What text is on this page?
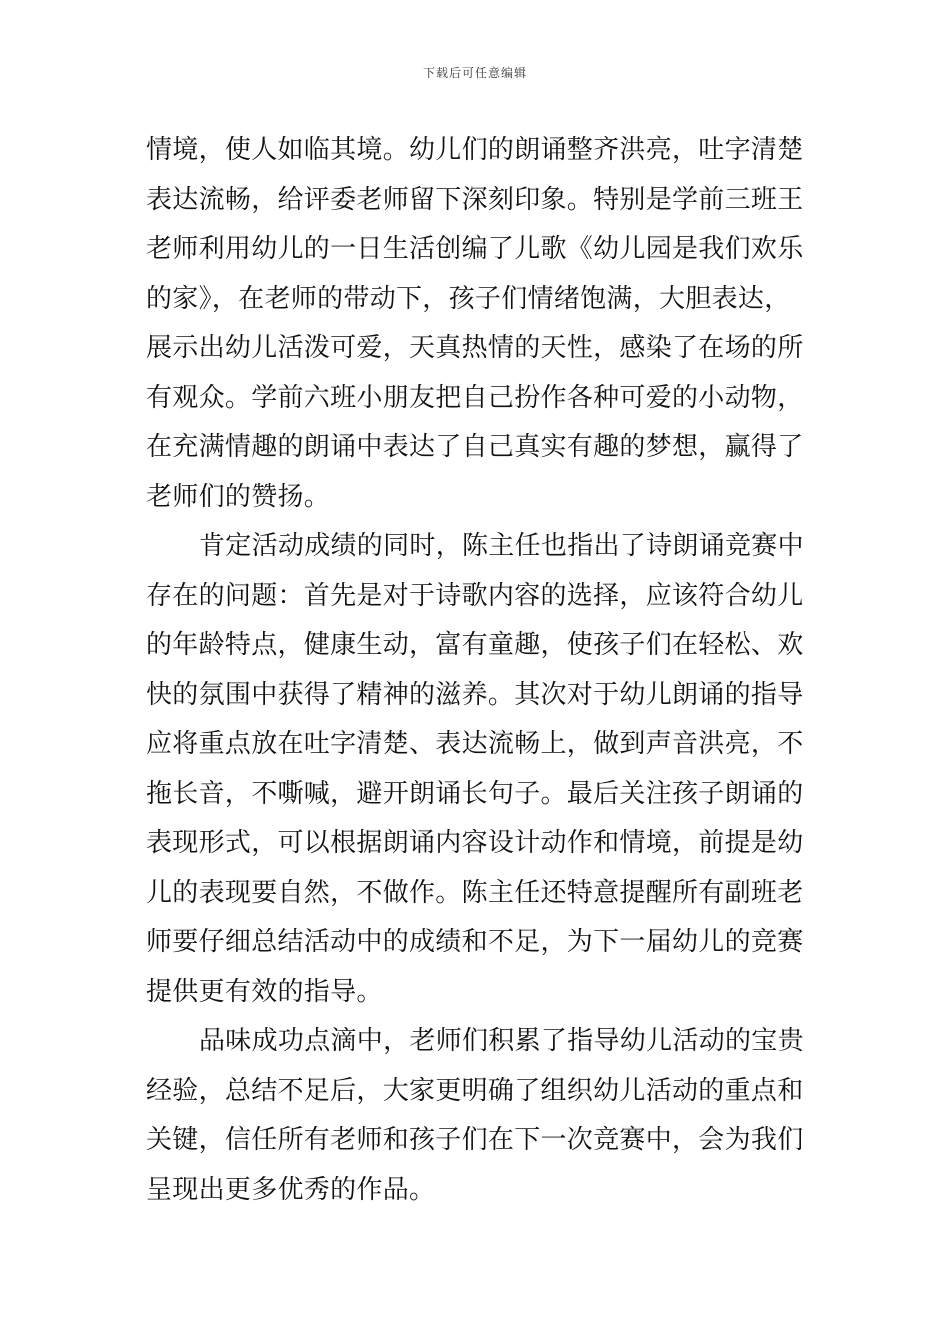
下载后可任意编辑
情境，使人如临其境。幼儿们的朗诵整齐洪亮，吐字清楚
表达流畅，给评委老师留下深刻印象。特别是学前三班王
老师利用幼儿的一日生活创编了儿歌《幼儿园是我们欢乐
的家》，在老师的带动下，孩子们情绪饱满，大胆表达，
展示出幼儿活泼可爱，天真热情的天性，感染了在场的所
有观众。学前六班小朋友把自己扮作各种可爱的小动物，
在充满情趣的朗诵中表达了自己真实有趣的梦想，赢得了
老师们的赞扬。
肯定活动成绩的同时，陈主任也指出了诗朗诵竞赛中
存在的问题：首先是对于诗歌内容的选择，应该符合幼儿
的年龄特点，健康生动，富有童趣，使孩子们在轻松、欢
快的氛围中获得了精神的滋养。其次对于幼儿朗诵的指导
应将重点放在吐字清楚、表达流畅上，做到声音洪亮，不
拖长音，不嘶喊，避开朗诵长句子。最后关注孩子朗诵的
表现形式，可以根据朗诵内容设计动作和情境，前提是幼
儿的表现要自然，不做作。陈主任还特意提醒所有副班老
师要仔细总结活动中的成绩和不足，为下一届幼儿的竞赛
提供更有效的指导。
品味成功点滴中，老师们积累了指导幼儿活动的宝贵
经验，总结不足后，大家更明确了组织幼儿活动的重点和
关键，信任所有老师和孩子们在下一次竞赛中，会为我们
呈现出更多优秀的作品。
